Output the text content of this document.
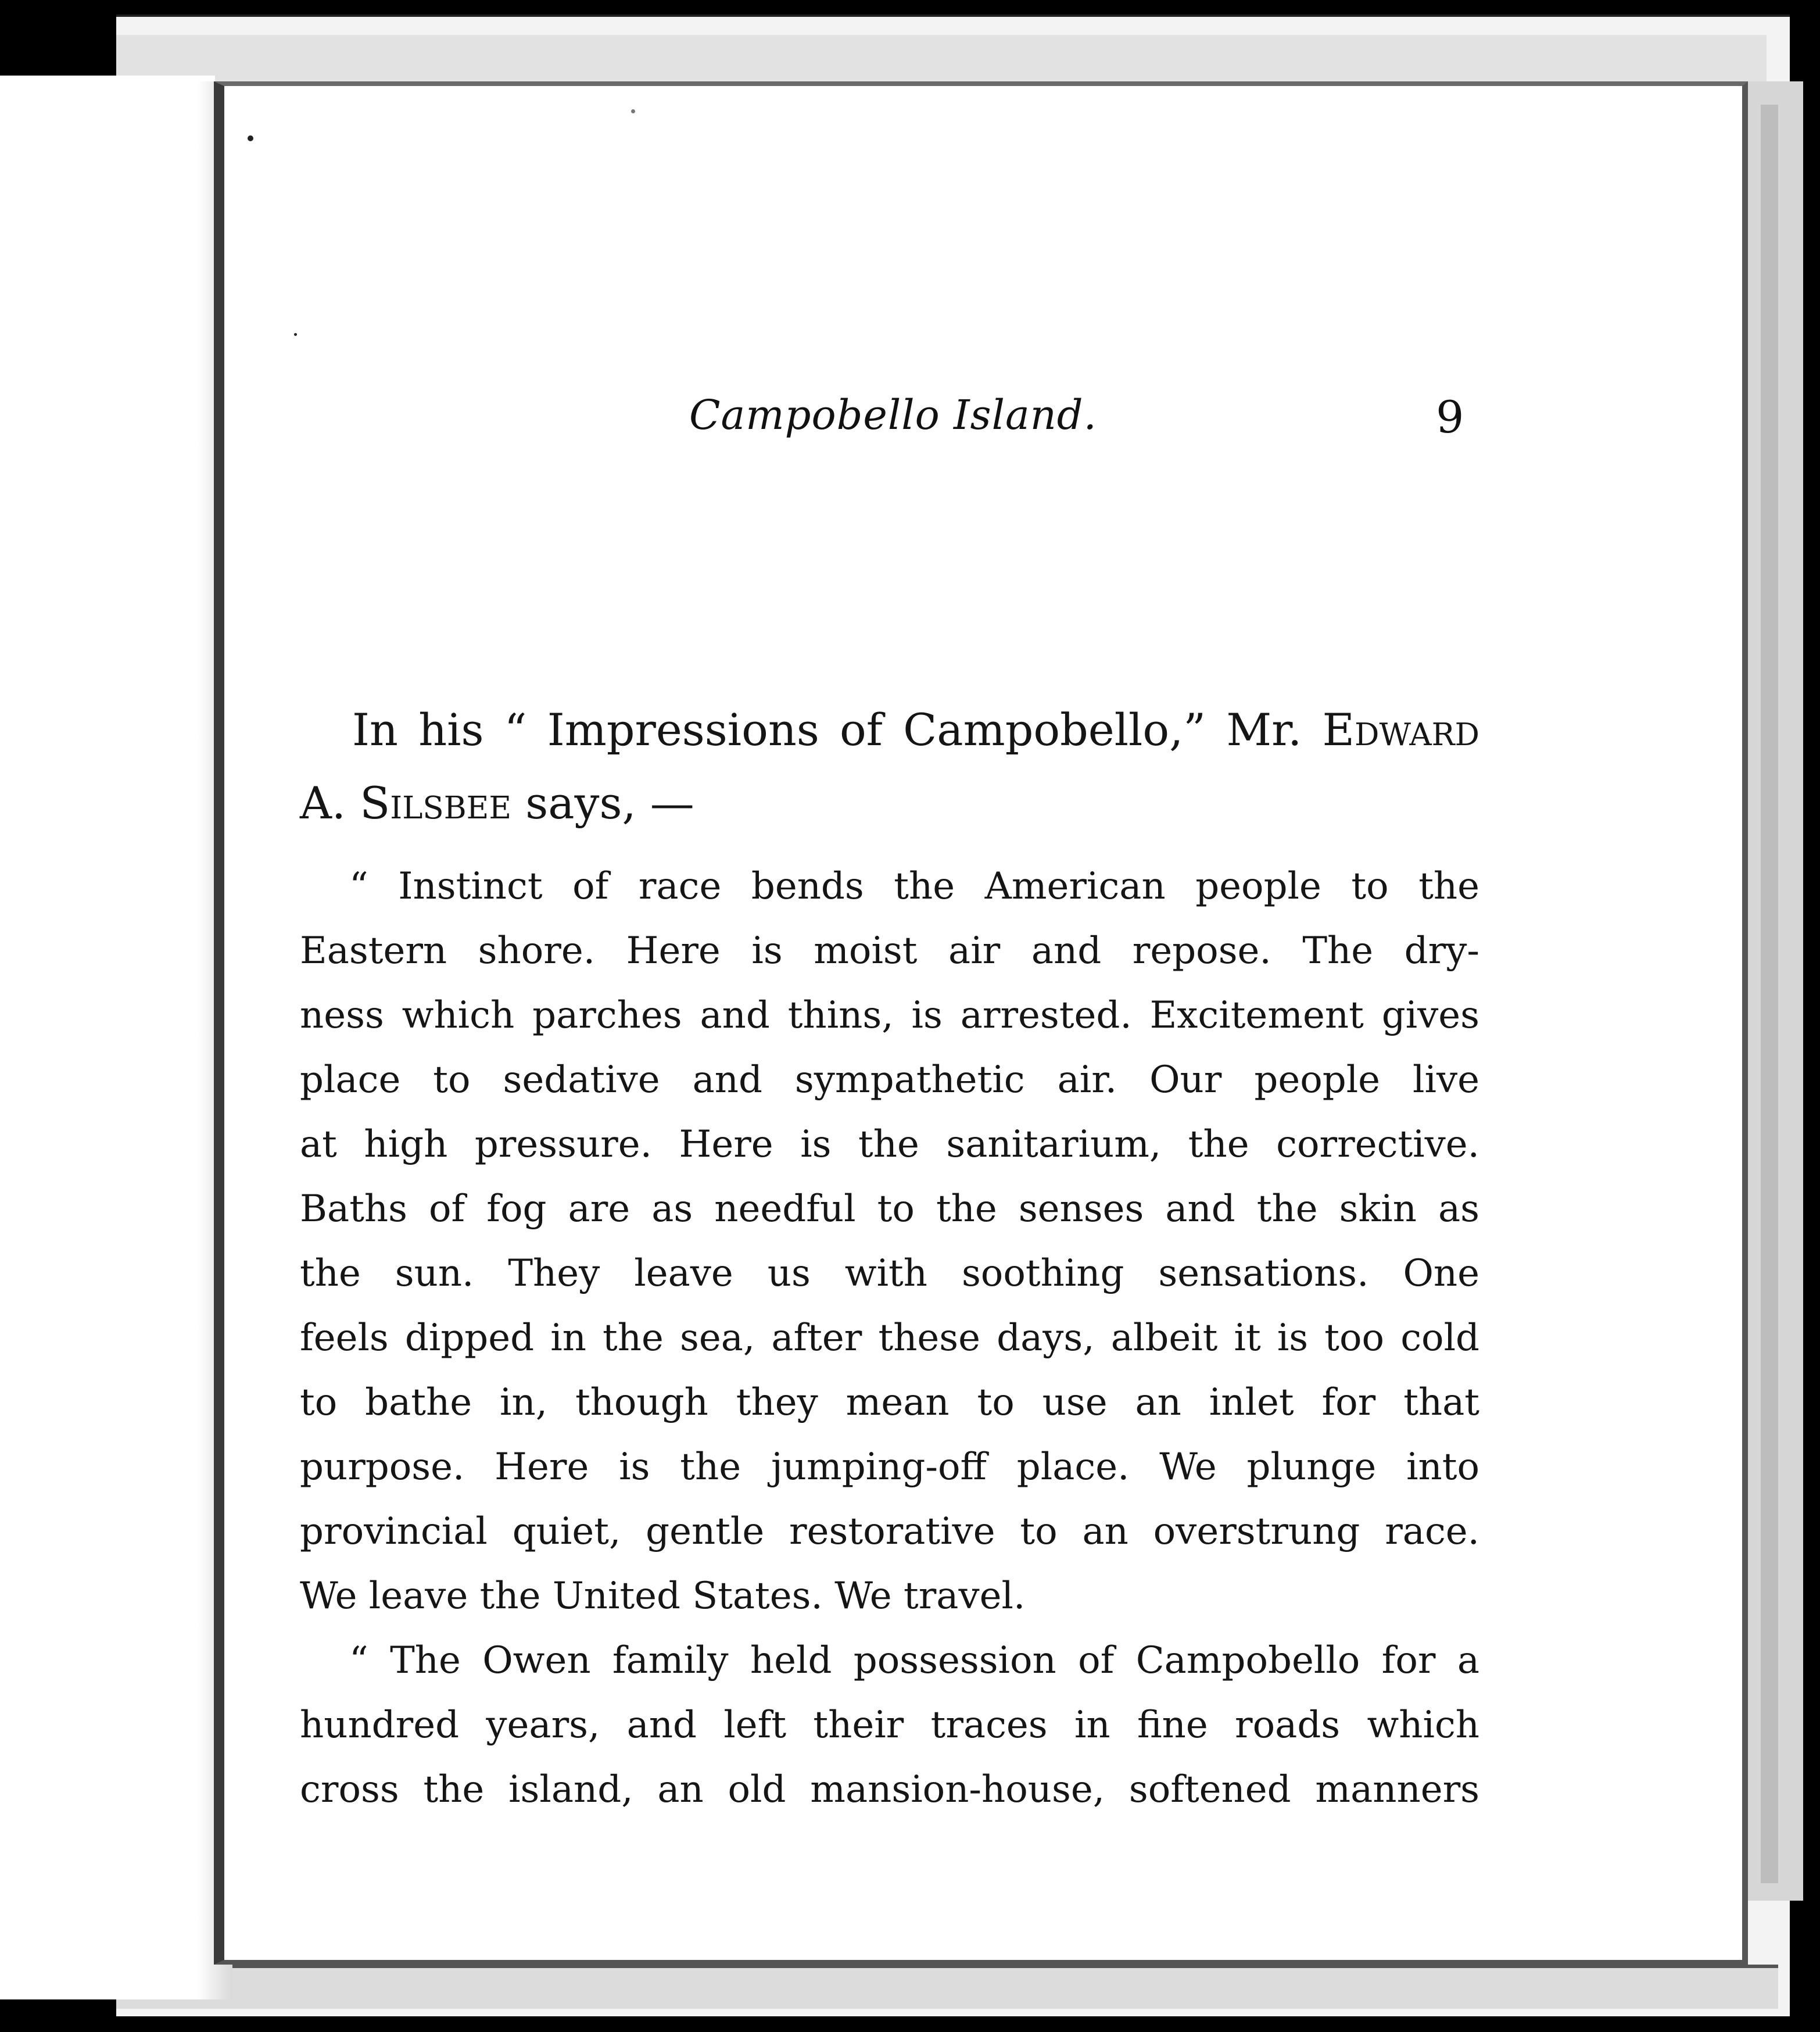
Campobello Island.	9

In his “ Impressions of Campobello,” Mr. Edward
A. Silsbee says, —

“ Instinct of race bends the American people to the
Eastern shore. Here is moist air and repose. The dry-
ness which parches and thins, is arrested. Excitement gives
place to sedative and sympathetic air. Our people live
at high pressure. Here is the sanitarium, the corrective.
Baths of fog are as needful to the senses and the skin as
the sun. They leave us with soothing sensations. One
feels dipped in the sea, after these days, albeit it is too cold
to bathe in, though they mean to use an inlet for that
purpose. Here is the jumping-off place. We plunge into
provincial quiet, gentle restorative to an overstrung race.
We leave the United States. We travel.

“ The Owen family held possession of Campobello for a
hundred years, and left their traces in fine roads which
cross the island, an old mansion-house, softened manners
